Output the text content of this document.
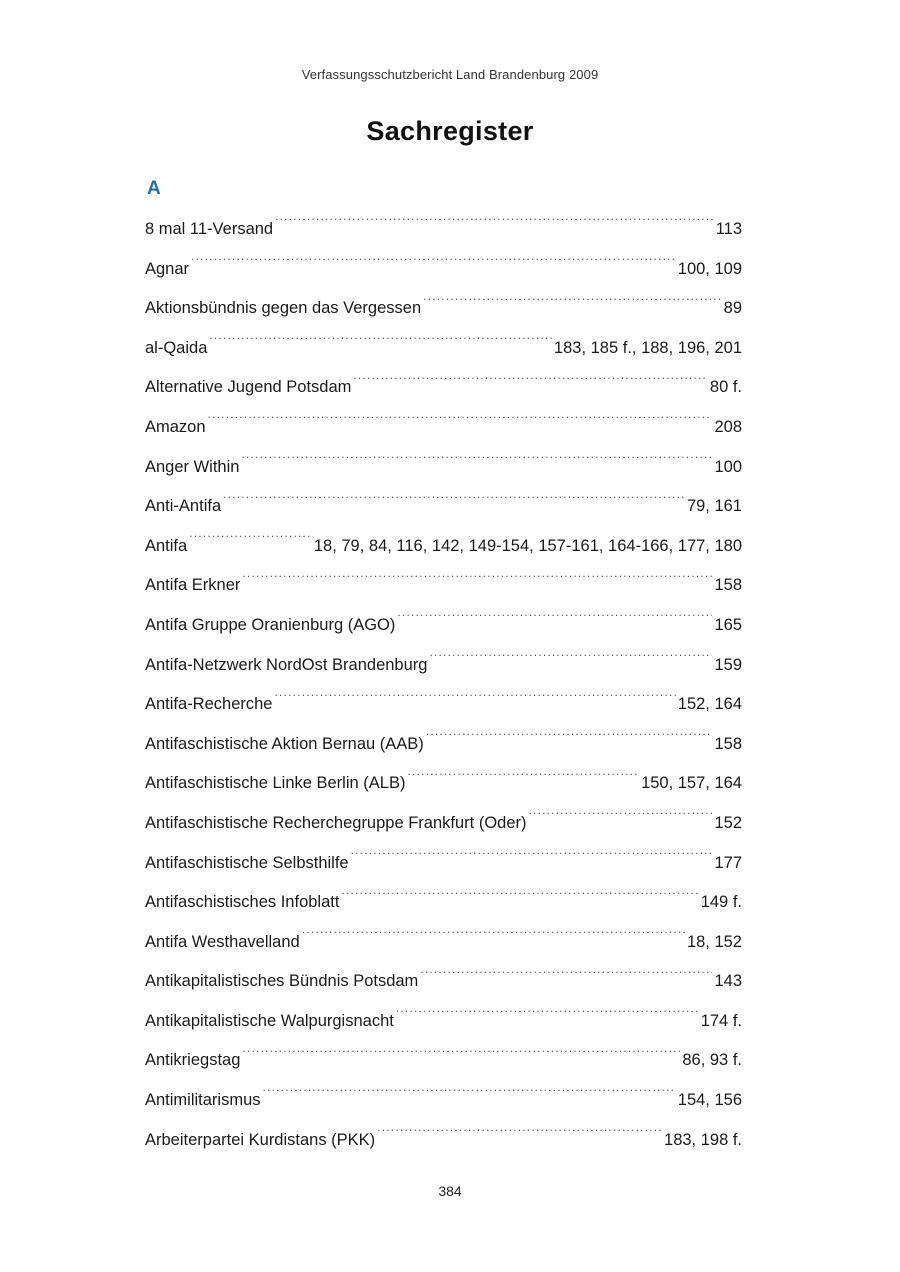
Verfassungsschutzbericht Land Brandenburg 2009
Sachregister
A
8 mal 11-Versand .....	113
Agnar .....	100, 109
Aktionsbündnis gegen das Vergessen .....	89
al-Qaida .....	183, 185 f., 188, 196, 201
Alternative Jugend Potsdam .....	80 f.
Amazon .....	208
Anger Within .....	100
Anti-Antifa .....	79, 161
Antifa .....	18, 79, 84, 116, 142, 149-154, 157-161, 164-166, 177, 180
Antifa Erkner .....	158
Antifa Gruppe Oranienburg (AGO) .....	165
Antifa-Netzwerk NordOst Brandenburg .....	159
Antifa-Recherche .....	152, 164
Antifaschistische Aktion Bernau (AAB) .....	158
Antifaschistische Linke Berlin (ALB) .....	150, 157, 164
Antifaschistische Recherchegruppe Frankfurt (Oder) .....	152
Antifaschistische Selbsthilfe .....	177
Antifaschistisches Infoblatt .....	149 f.
Antifa Westhavelland .....	18, 152
Antikapitalistisches Bündnis Potsdam .....	143
Antikapitalistische Walpurgisnacht .....	174 f.
Antikriegstag .....	86, 93 f.
Antimilitarismus .....	154, 156
Arbeiterpartei Kurdistans (PKK) .....	183, 198 f.
384
